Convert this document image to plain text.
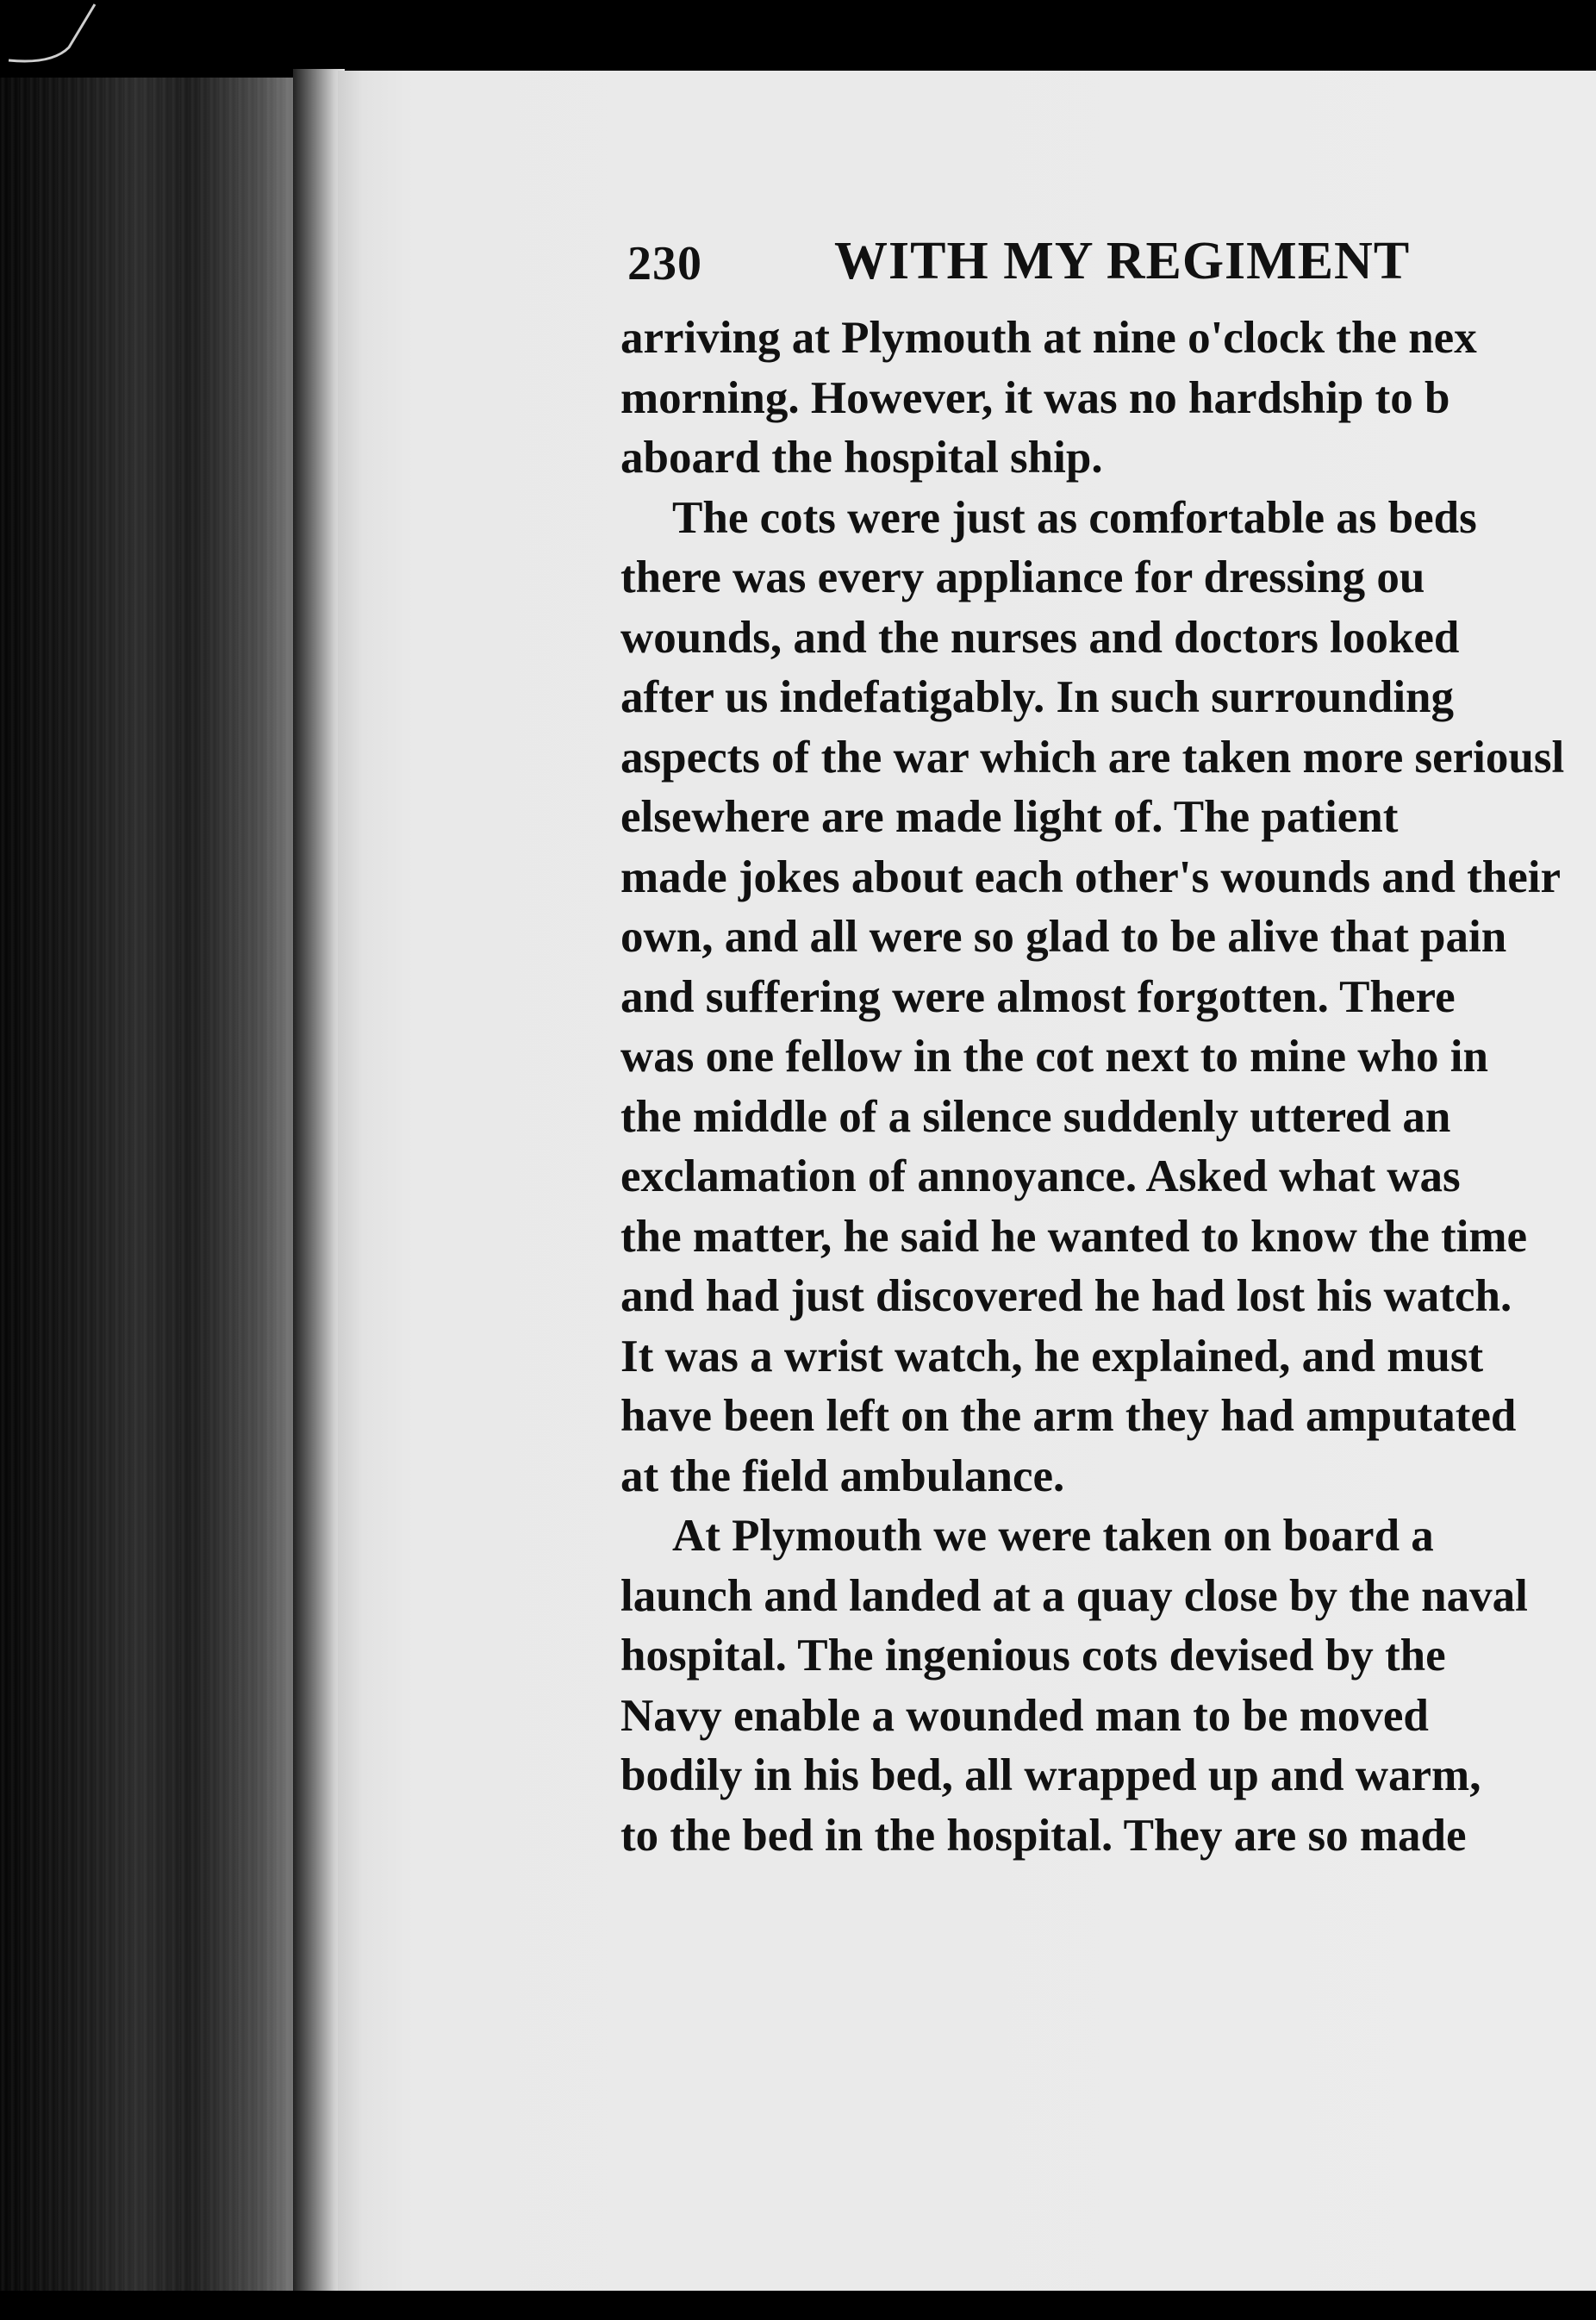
230 WITH MY REGIMENT
arriving at Plymouth at nine o'clock the nex
morning. However, it was no hardship to b
aboard the hospital ship.
The cots were just as comfortable as beds
there was every appliance for dressing ou
wounds, and the nurses and doctors looked
after us indefatigably. In such surrounding
aspects of the war which are taken more seriousl
elsewhere are made light of. The patient
made jokes about each other's wounds and their
own, and all were so glad to be alive that pain
and suffering were almost forgotten. There
was one fellow in the cot next to mine who in
the middle of a silence suddenly uttered an
exclamation of annoyance. Asked what was
the matter, he said he wanted to know the time
and had just discovered he had lost his watch.
It was a wrist watch, he explained, and must
have been left on the arm they had amputated
at the field ambulance.
At Plymouth we were taken on board a
launch and landed at a quay close by the naval
hospital. The ingenious cots devised by the
Navy enable a wounded man to be moved
bodily in his bed, all wrapped up and warm,
to the bed in the hospital. They are so made
